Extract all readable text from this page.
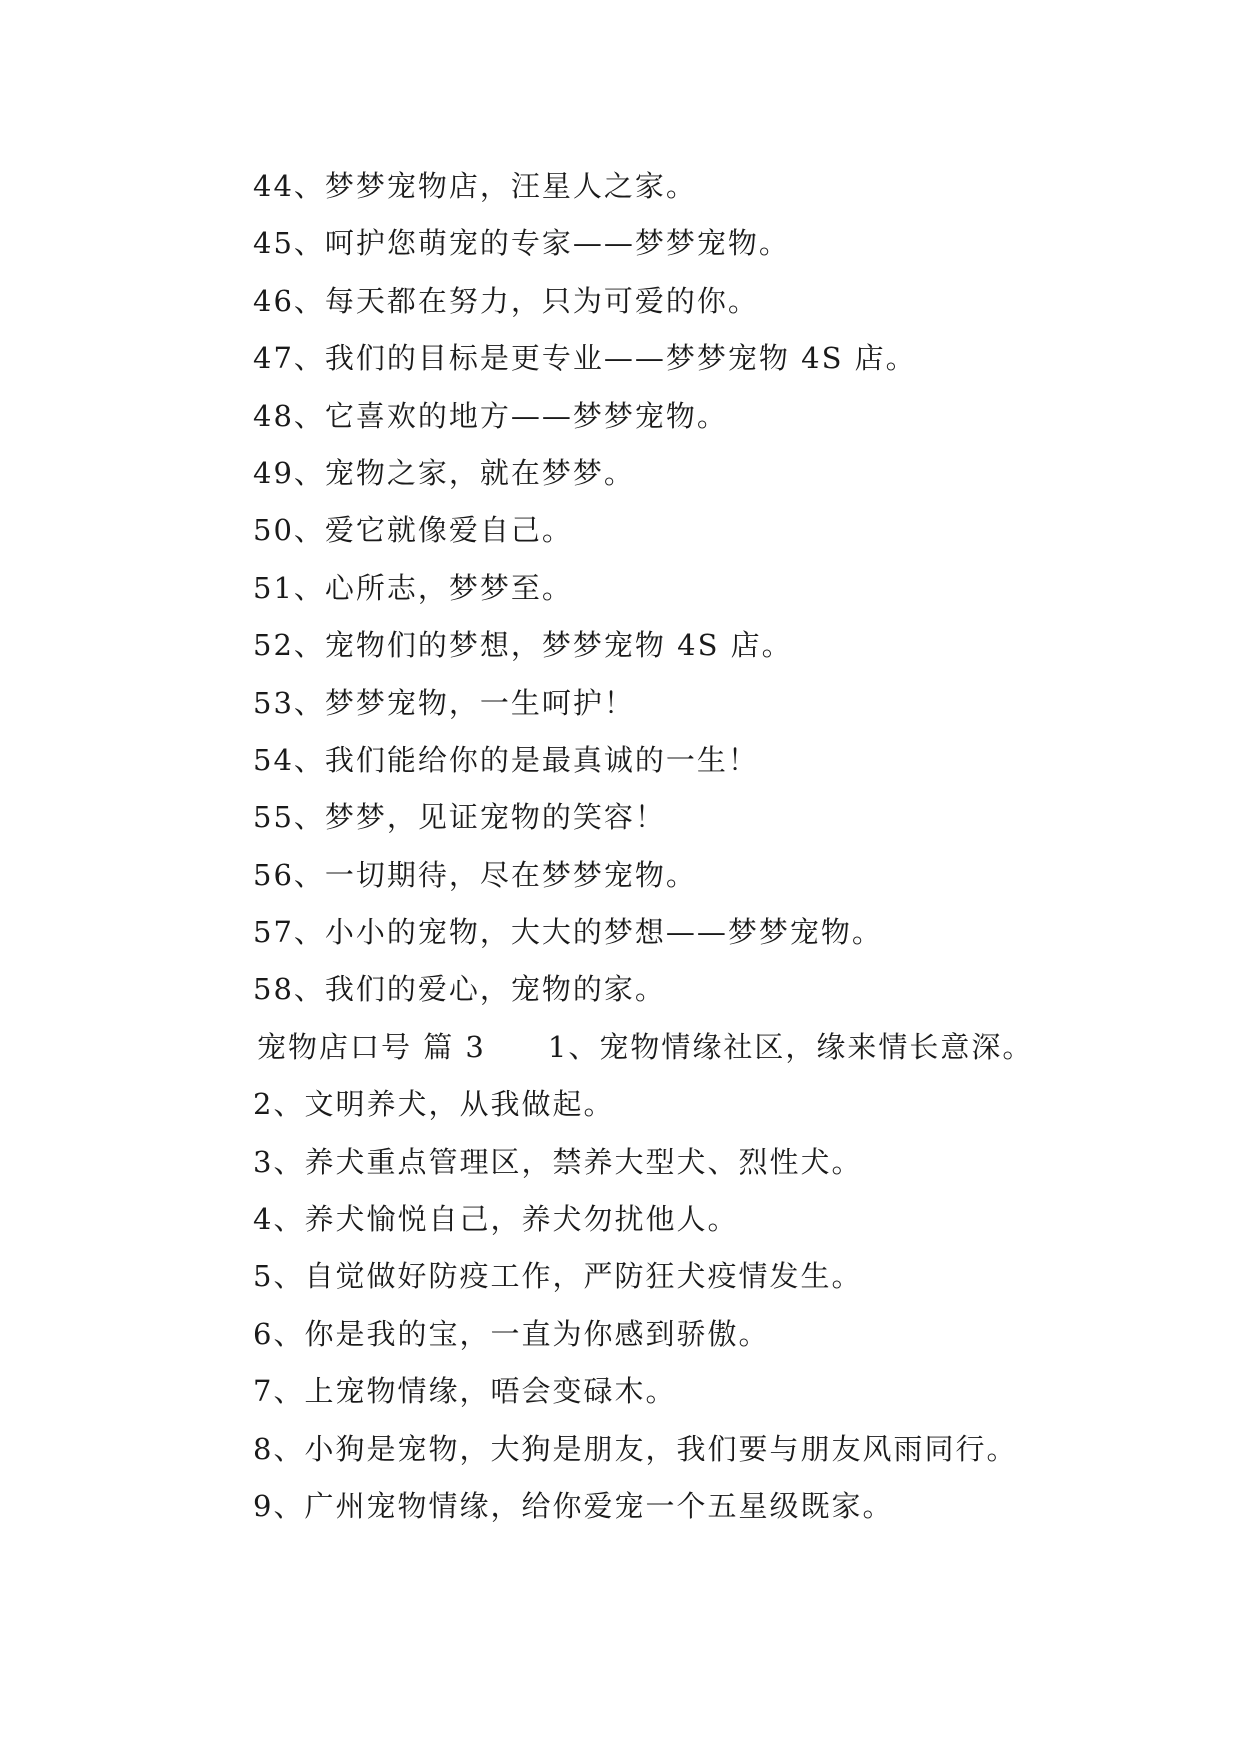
44、梦梦宠物店，汪星人之家。
45、呵护您萌宠的专家——梦梦宠物。
46、每天都在努力，只为可爱的你。
47、我们的目标是更专业——梦梦宠物 4S 店。
48、它喜欢的地方——梦梦宠物。
49、宠物之家，就在梦梦。
50、爱它就像爱自己。
51、心所志，梦梦至。
52、宠物们的梦想，梦梦宠物 4S 店。
53、梦梦宠物，一生呵护！
54、我们能给你的是最真诚的一生！
55、梦梦，见证宠物的笑容！
56、一切期待，尽在梦梦宠物。
57、小小的宠物，大大的梦想——梦梦宠物。
58、我们的爱心，宠物的家。
宠物店口号 篇 3 1、宠物情缘社区，缘来情长意深。
2、文明养犬，从我做起。
3、养犬重点管理区，禁养大型犬、烈性犬。
4、养犬愉悦自己，养犬勿扰他人。
5、自觉做好防疫工作，严防狂犬疫情发生。
6、你是我的宝，一直为你感到骄傲。
7、上宠物情缘，唔会变碌木。
8、小狗是宠物，大狗是朋友，我们要与朋友风雨同行。
9、广州宠物情缘，给你爱宠一个五星级既家。
